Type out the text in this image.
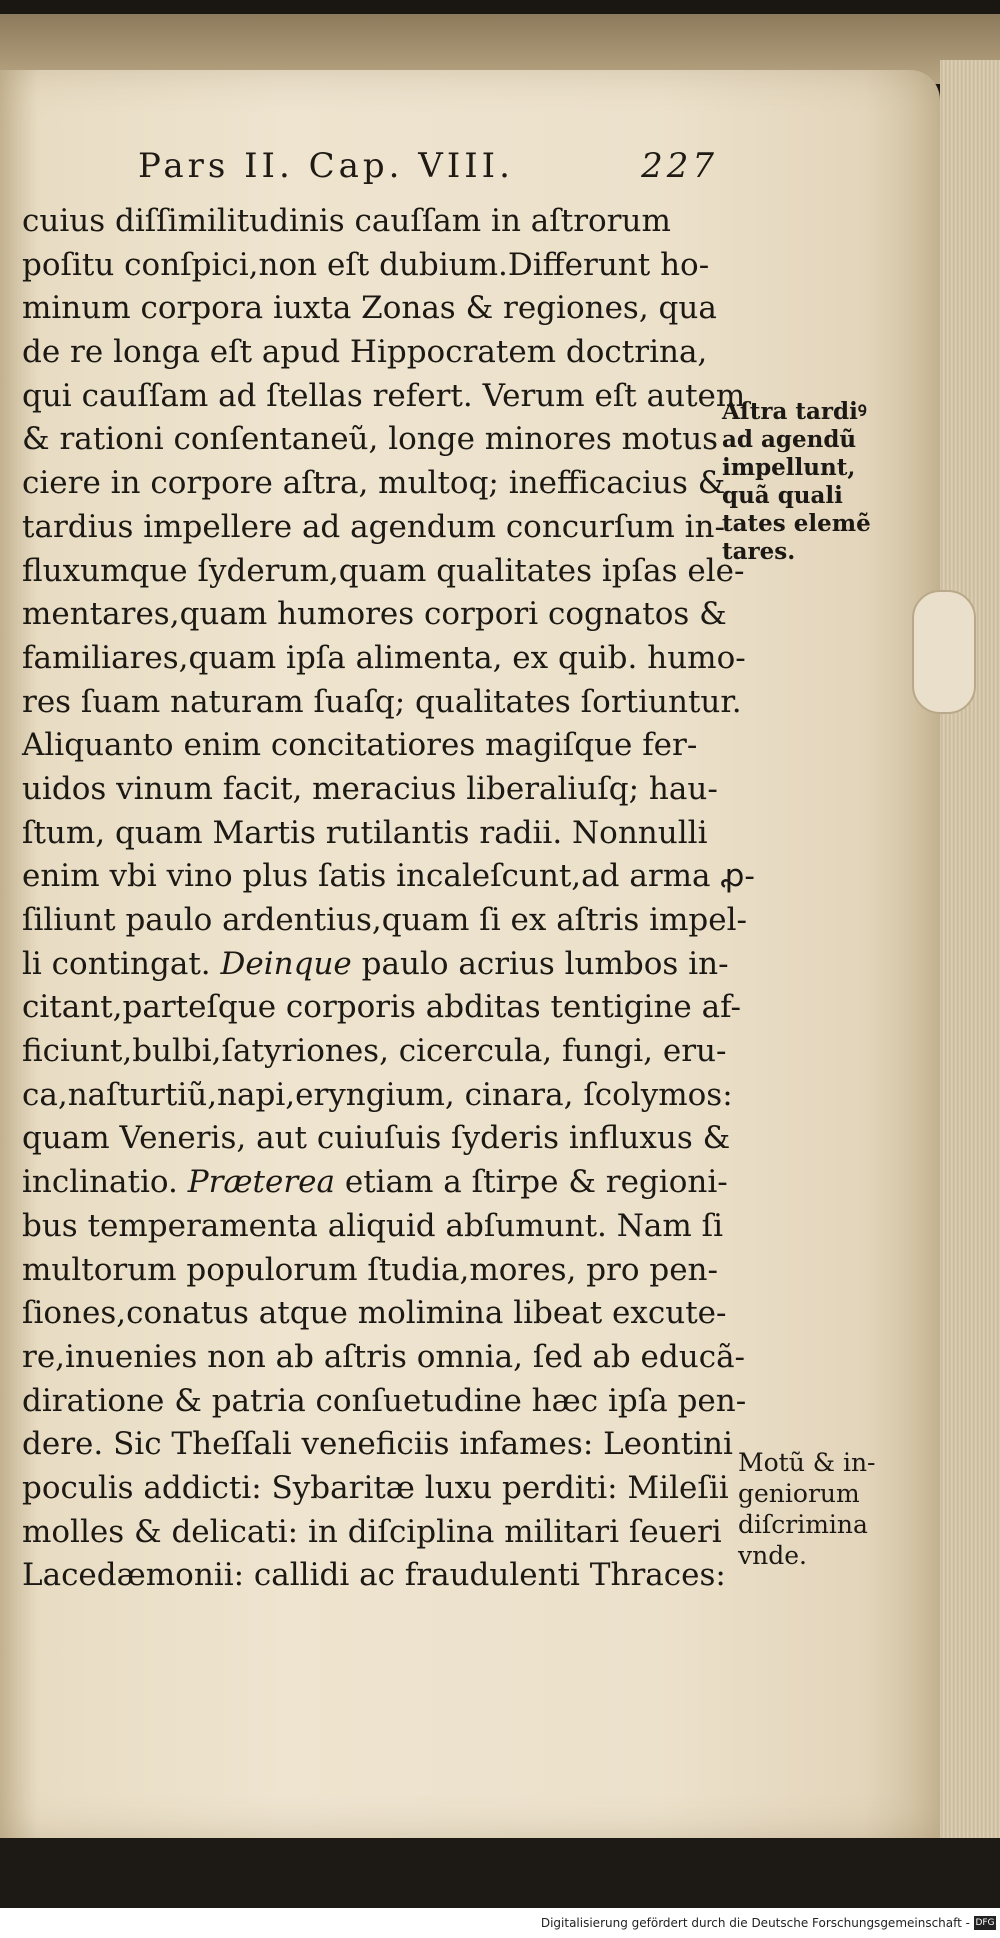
Pars II. Cap. VIII.	227
cuius diſſimilitudinis cauſſam in aſtrorum
poſitu conſpici,non eſt dubium.Differunt ho-
minum corpora iuxta Zonas & regiones, qua
de re longa eſt apud Hippocratem doctrina,
qui cauſſam ad ſtellas refert. Verum eſt autem
& rationi conſentaneũ, longe minores motus
ciere in corpore aſtra, multoq; inefficacius &
tardius impellere ad agendum concurſum in-
fluxumque ſyderum,quam qualitates ipſas ele-
mentares,quam humores corpori cognatos &
familiares,quam ipſa alimenta, ex quib. humo-
res ſuam naturam ſuaſq; qualitates ſortiuntur.
Aliquanto enim concitatiores magiſque fer-
uidos vinum facit, meracius liberaliuſq; hau-
ſtum, quam Martis rutilantis radii. Nonnulli
enim vbi vino plus ſatis incaleſcunt,ad arma ꝓ-
ſiliunt paulo ardentius,quam ſi ex aſtris impel-
li contingat. Deinque paulo acrius lumbos in-
citant,parteſque corporis abditas tentigine af-
ficiunt,bulbi,ſatyriones, cicercula, fungi, eru-
ca,naſturtiũ,napi,eryngium, cinara, ſcolymos:
quam Veneris, aut cuiuſuis ſyderis influxus &
inclinatio. Præterea etiam a ſtirpe & regioni-
bus temperamenta aliquid abſumunt. Nam ſi
multorum populorum ſtudia,mores, pro pen-
ſiones,conatus atque molimina libeat excute-
re,inuenies non ab aſtris omnia, ſed ab educã-
diratione & patria conſuetudine hæc ipſa pen-
dere. Sic Theſſali veneficiis infames: Leontini
poculis addicti: Sybaritæ luxu perditi: Mileſii
molles & delicati: in diſciplina militari ſeueri
Lacedæmonii: callidi ac fraudulenti Thraces:
Aſtra tardiꝰ
ad agendũ
impellunt,
quã quali
tates elemẽ
tares.
Motũ & in-
geniorum
diſcrimina
vnde.
Digitalisierung gefördert durch die Deutsche Forschungsgemeinschaft - DFG
